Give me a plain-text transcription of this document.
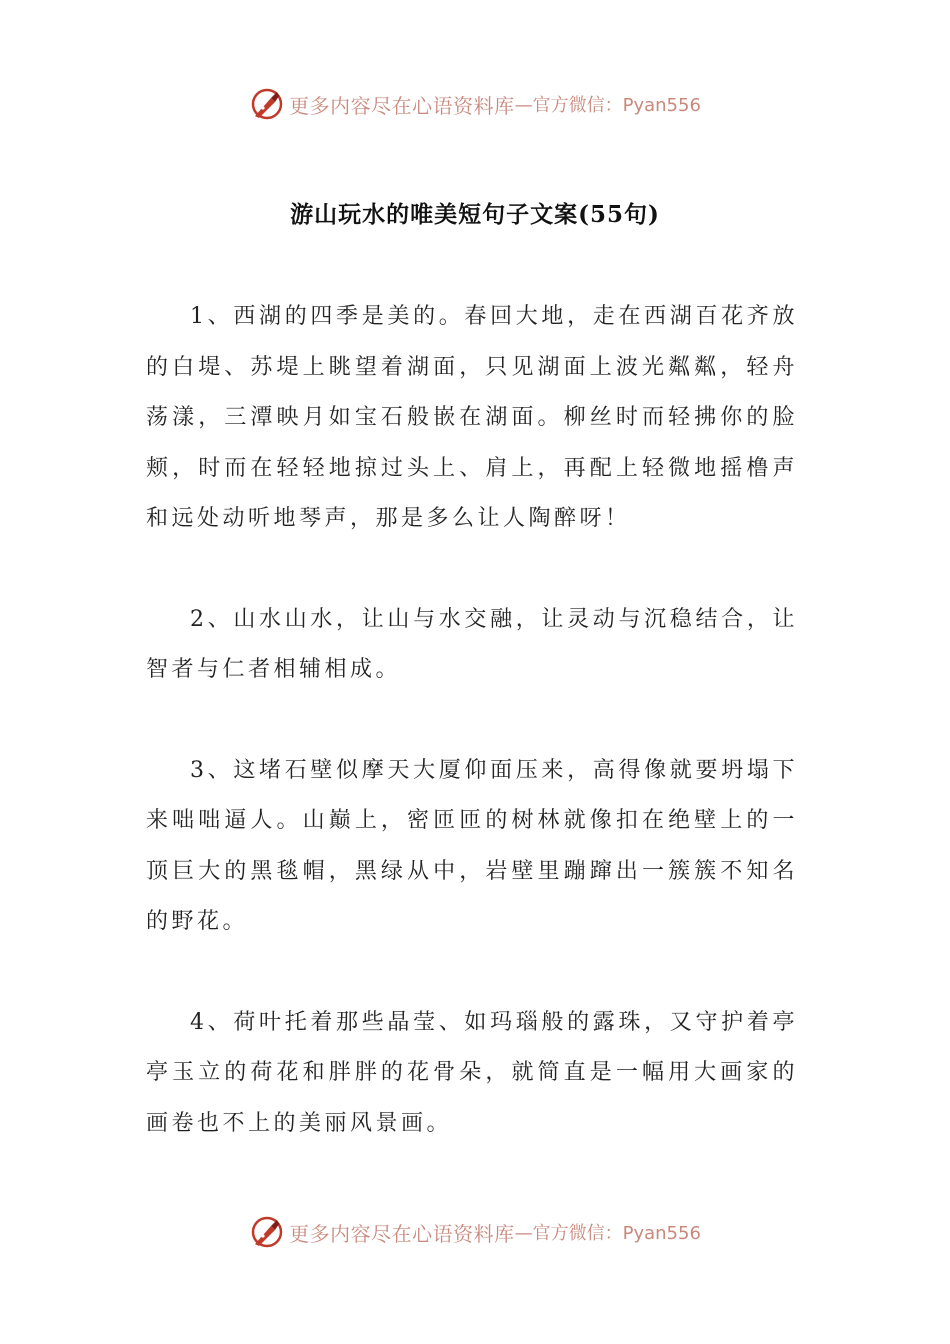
更多内容尽在心语资料库 —官方微信：Pyan556
游山玩水的唯美短句子文案(55句)

1、西湖的四季是美的。春回大地，走在西湖百花齐放的白堤、苏堤上眺望着湖面，只见湖面上波光粼粼，轻舟荡漾，三潭映月如宝石般嵌在湖面。柳丝时而轻拂你的脸颊，时而在轻轻地掠过头上、肩上，再配上轻微地摇橹声和远处动听地琴声，那是多么让人陶醉呀！

2、山水山水，让山与水交融，让灵动与沉稳结合，让智者与仁者相辅相成。

3、这堵石壁似摩天大厦仰面压来，高得像就要坍塌下来咄咄逼人。山巅上，密匝匝的树林就像扣在绝壁上的一顶巨大的黑毯帽，黑绿从中，岩壁里蹦蹿出一簇簇不知名的野花。

4、荷叶托着那些晶莹、如玛瑙般的露珠，又守护着亭亭玉立的荷花和胖胖的花骨朵，就简直是一幅用大画家的画卷也不上的美丽风景画。

更多内容尽在心语资料库 —官方微信：Pyan556
